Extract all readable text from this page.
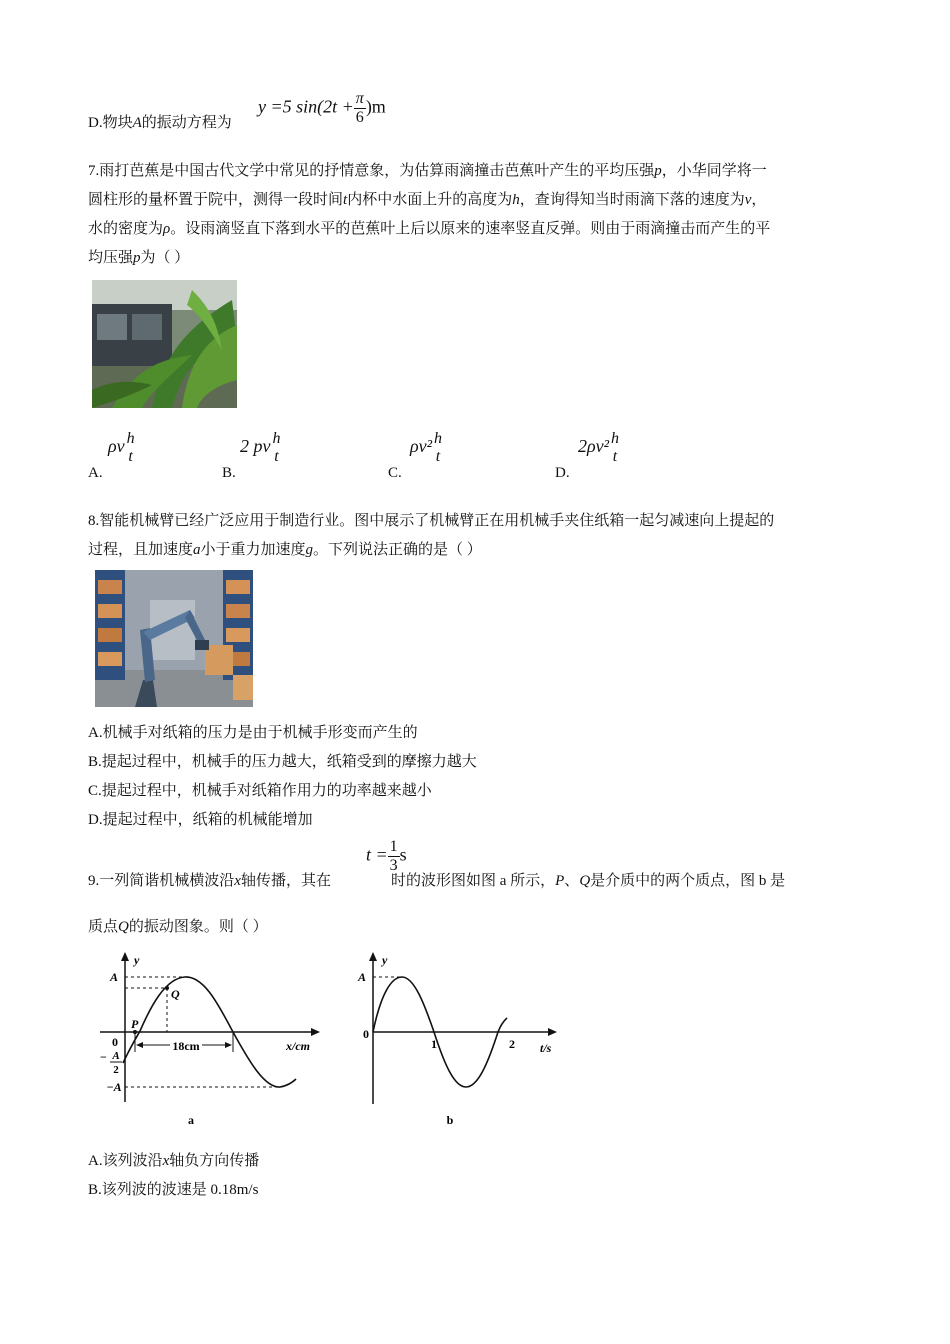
D.物块A的振动方程为
y =5 $\sin(2t + \frac{\pi}{6} )m$
7.雨打芭蕉是中国古代文学中常见的抒情意象，为估算雨滴撞击芭蕉叶产生的平均压强p，小华同学将一
圆柱形的量杯置于院中，测得一段时间t内杯中水面上升的高度为h，查询得知当时雨滴下落的速度为v，
水的密度为ρ。设雨滴竖直下落到水平的芭蕉叶上后以原来的速率竖直反弹。则由于雨滴撞击而产生的平
均压强p为（ ）
A.
ρv h
t
B.
2 pv h
t
C.
ρv² h
t
D.
2ρv² h
t
8.智能机械臂已经广泛应用于制造行业。图中展示了机械臂正在用机械手夹住纸箱一起匀减速向上提起的
过程，且加速度a小于重力加速度g。下列说法正确的是（ ）
A.机械手对纸箱的压力是由于机械手形变而产生的
B.提起过程中，机械手的压力越大，纸箱受到的摩擦力越大
C.提起过程中，机械手对纸箱作用力的功率越来越小
D.提起过程中，纸箱的机械能增加
9.一列简谐机械横波沿x轴传播，其在	时的波形图如图 a 所示，P、Q是介质中的两个质点，图 b 是
$t = \frac{1}{3}$ s
质点Q的振动图象。则（ ）
18cm
y
x/cm
A
Q
P
0
− A
2
−A
a
y
A
0
1	2 t/s
b
A.该列波沿x轴负方向传播
B.该列波的波速是 0.18m/s
